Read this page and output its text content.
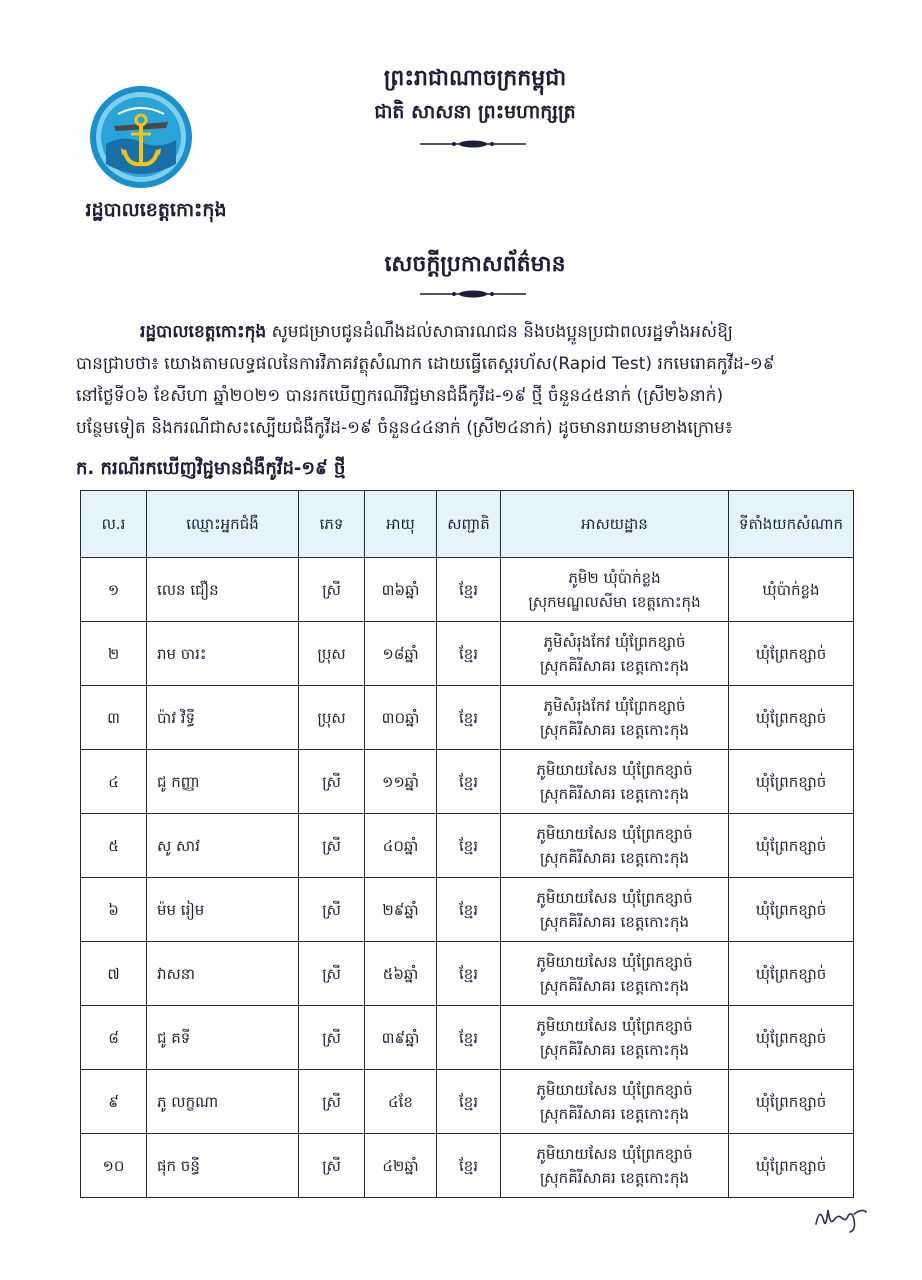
រដ្ឋបាលខេត្តកោះកុង
ព្រះរាជាណាចក្រកម្ពុជា
ជាតិ សាសនា ព្រះមហាក្សត្រ
សេចក្តីប្រកាសព័ត៌មាន
រដ្ឋបាលខេត្តកោះកុង សូមជម្រាបជូនដំណឹងដល់សាធារណជន និងបងប្អូនប្រជាពលរដ្ឋទាំងអស់ឱ្យ
បានជ្រាបថា៖ យោងតាមលទ្ធផលនៃការវិភាគវត្ថុសំណាក ដោយធ្វើតេស្តរហ័ស(Rapid Test) រកមេរោគកូវីដ-១៩
នៅថ្ងៃទី០៦ ខែសីហា ឆ្នាំ២០២១ បានរកឃើញករណីវិជ្ជមានជំងឺកូវីដ-១៩ ថ្មី ចំនួន៤៥នាក់ (ស្រី២៦នាក់)
បន្ថែមទៀត និងករណីជាសះស្បើយជំងឺកូវីដ-១៩ ចំនួន៤៤នាក់ (ស្រី២៤នាក់) ដូចមានរាយនាមខាងក្រោម៖
ក. ករណីរកឃើញវិជ្ជមានជំងឺកូវីដ-១៩ ថ្មី
ល.រ	ឈ្មោះអ្នកជំងឺ	ភេទ	អាយុ	សញ្ជាតិ	អាសយដ្ឋាន	ទីតាំងយកសំណាក
១	លេន ជឿន	ស្រី	៣៦ឆ្នាំ	ខ្មែរ	ភូមិ២ ឃុំប៉ាក់ខ្លង
ស្រុកមណ្ឌលសីមា ខេត្តកោះកុង	ឃុំប៉ាក់ខ្លង
២	រាម ចារះ	ប្រុស	១៨ឆ្នាំ	ខ្មែរ	ភូមិសំរុងកែវ ឃុំព្រែកខ្សាច់
ស្រុកគិរីសាគរ ខេត្តកោះកុង	ឃុំព្រែកខ្សាច់
៣	ប៉ាវ វិទ្ធី	ប្រុស	៣០ឆ្នាំ	ខ្មែរ	ភូមិសំរុងកែវ ឃុំព្រែកខ្សាច់
ស្រុកគិរីសាគរ ខេត្តកោះកុង	ឃុំព្រែកខ្សាច់
៤	ជូ កញ្ញា	ស្រី	១១ឆ្នាំ	ខ្មែរ	ភូមិយាយសែន ឃុំព្រែកខ្សាច់
ស្រុកគិរីសាគរ ខេត្តកោះកុង	ឃុំព្រែកខ្សាច់
៥	សូ សាវ	ស្រី	៤០ឆ្នាំ	ខ្មែរ	ភូមិយាយសែន ឃុំព្រែកខ្សាច់
ស្រុកគិរីសាគរ ខេត្តកោះកុង	ឃុំព្រែកខ្សាច់
៦	ម៉ម រៀម	ស្រី	២៩ឆ្នាំ	ខ្មែរ	ភូមិយាយសែន ឃុំព្រែកខ្សាច់
ស្រុកគិរីសាគរ ខេត្តកោះកុង	ឃុំព្រែកខ្សាច់
៧	វាសនា	ស្រី	៥៦ឆ្នាំ	ខ្មែរ	ភូមិយាយសែន ឃុំព្រែកខ្សាច់
ស្រុកគិរីសាគរ ខេត្តកោះកុង	ឃុំព្រែកខ្សាច់
៨	ជូ គទី	ស្រី	៣៩ឆ្នាំ	ខ្មែរ	ភូមិយាយសែន ឃុំព្រែកខ្សាច់
ស្រុកគិរីសាគរ ខេត្តកោះកុង	ឃុំព្រែកខ្សាច់
៩	ភូ លក្ខណា	ស្រី	៤ខែ	ខ្មែរ	ភូមិយាយសែន ឃុំព្រែកខ្សាច់
ស្រុកគិរីសាគរ ខេត្តកោះកុង	ឃុំព្រែកខ្សាច់
១០	ផុក ចន្ធី	ស្រី	៤២ឆ្នាំ	ខ្មែរ	ភូមិយាយសែន ឃុំព្រែកខ្សាច់
ស្រុកគិរីសាគរ ខេត្តកោះកុង	ឃុំព្រែកខ្សាច់
